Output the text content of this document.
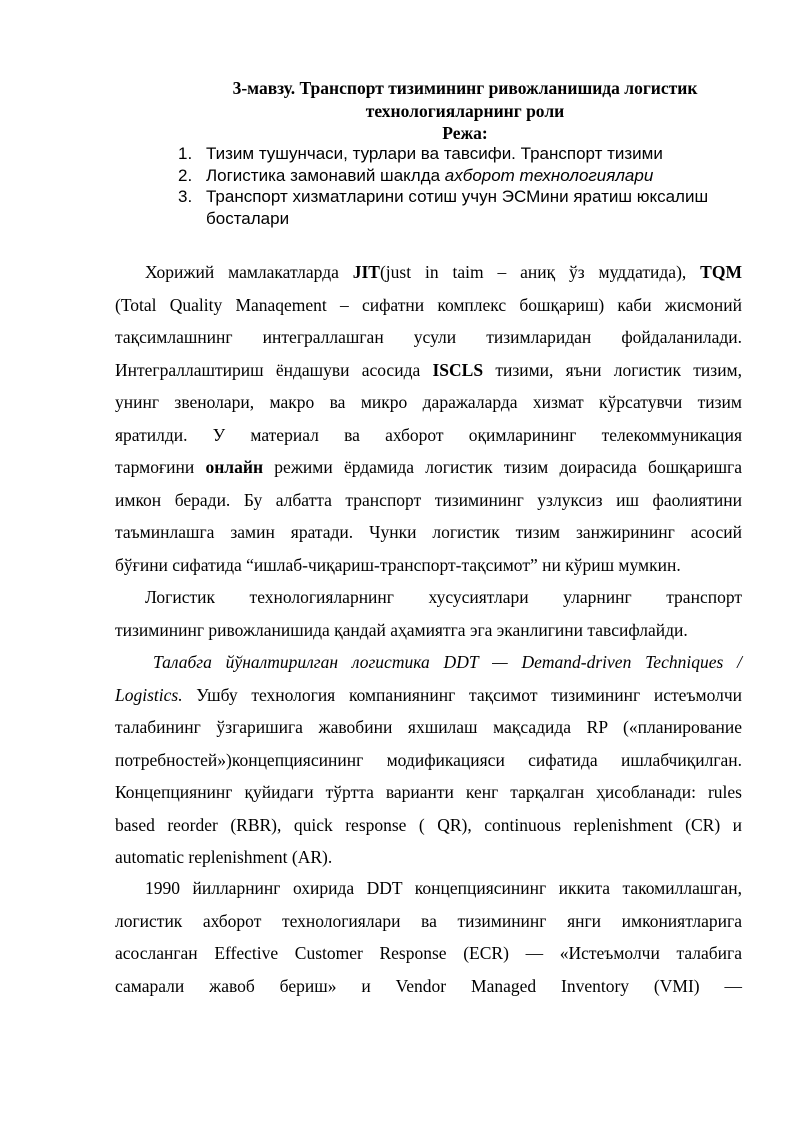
3-мавзу. Транспорт тизимининг ривожланишида логистик
технологияларнинг роли
Режа:
1. Тизим тушунчаси, турлари ва тавсифи. Транспорт тизими
2. Логистика замонавий шаклда ахборот технологиялари
3. Транспорт хизматларини сотиш учун ЭСМини яратиш юксалиш
босталари
Хорижий мамлакатларда JIT(just in taim – аниқ ўз муддатида), TQM
(Total Quality Manaqement – сифатни комплекс бошқариш) каби жисмоний
тақсимлашнинг интеграллашган усули тизимларидан фойдаланилади.
Интеграллаштириш ёндашуви асосида ISCLS тизими, яъни логистик тизим,
унинг звенолари, макро ва микро даражаларда хизмат кўрсатувчи тизим
яратилди. У материал ва ахборот оқимларининг телекоммуникация
тармоғини онлайн режими ёрдамида логистик тизим доирасида бошқаришга
имкон беради. Бу албатта транспорт тизимининг узлуксиз иш фаолиятини
таъминлашга замин яратади. Чунки логистик тизим занжирининг асосий
бўғини сифатида “ишлаб-чиқариш-транспорт-тақсимот” ни кўриш мумкин.
Логистик технологияларнинг хусусиятлари уларнинг транспорт
тизимининг ривожланишида қандай аҳамиятга эга эканлигини тавсифлайди.
Талабга йўналтирилган логистика DDT — Demand-driven Techniques /
Logistics. Ушбу технология компаниянинг тақсимот тизимининг истеъмолчи
талабининг ўзгаришига жавобини яхшилаш мақсадида RP («планирование
потребностей»)концепциясининг модификацияси сифатида ишлабчиқилган.
Концепциянинг қуйидаги тўртта варианти кенг тарқалган ҳисобланади: rules
based reorder (RBR), quick response ( QR), continuous replenishment (CR) и
automatic replenishment (AR).
1990 йилларнинг охирида DDT концепциясининг иккита такомиллашган,
логистик ахборот технологиялари ва тизимининг янги имкониятларига
асосланган Effective Customer Response (ECR) — «Истеъмолчи талабига
самарали жавоб бериш» и Vendor Managed Inventory (VMI) —
